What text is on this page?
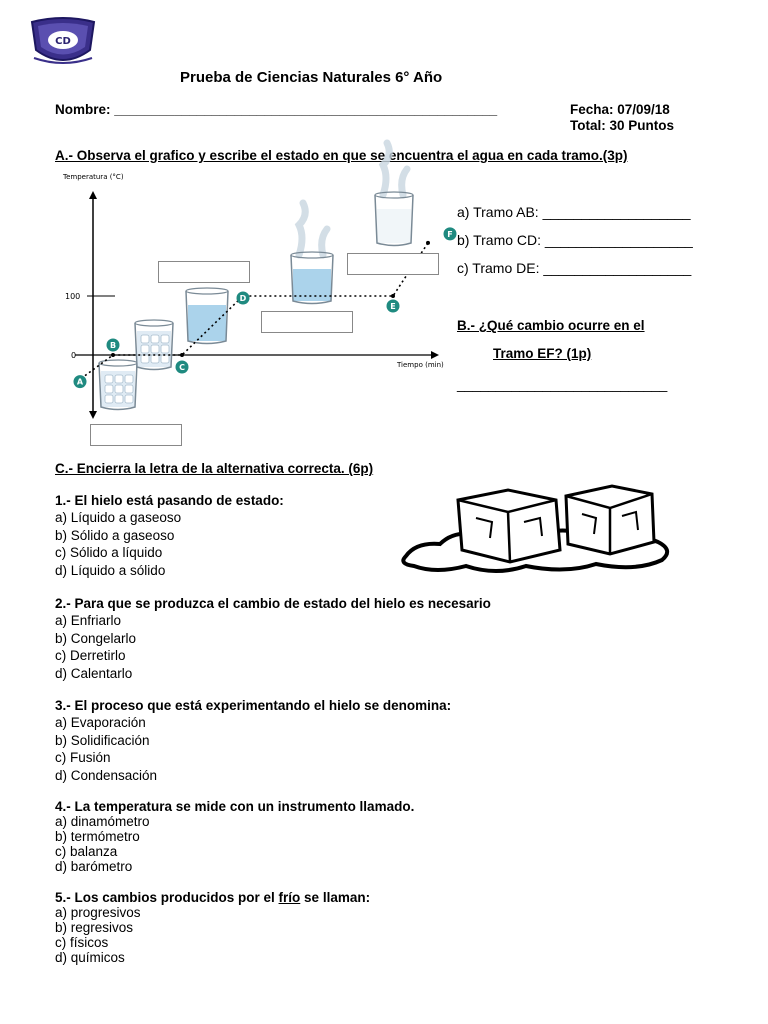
CD
Prueba de Ciencias Naturales 6° Año
Nombre: ___________________________________________________	Fecha: 07/09/18
Total: 30 Puntos
A.- Observa el grafico y escribe el estado en que se encuentra el agua en cada tramo.(3p)
Temperatura (°C)
Tiempo (min)
100
0
A
B
C
D
E
F
a) Tramo AB: ___________________
b) Tramo CD: ___________________
c) Tramo DE: ___________________
B.- ¿Qué cambio ocurre en el
Tramo EF? (1p)
___________________________
C.- Encierra la letra de la alternativa correcta. (6p)
1.- El hielo está pasando de estado:
a) Líquido a gaseoso
b) Sólido a gaseoso
c) Sólido a líquido
d) Líquido a sólido
2.- Para que se produzca el cambio de estado del hielo es necesario
a) Enfriarlo
b) Congelarlo
c) Derretirlo
d) Calentarlo
3.- El proceso que está experimentando el hielo se denomina:
a) Evaporación
b) Solidificación
c) Fusión
d) Condensación
4.- La temperatura se mide con un instrumento llamado.
a) dinamómetro
b) termómetro
c) balanza
d) barómetro
5.- Los cambios producidos por el frío se llaman:
a) progresivos
b) regresivos
c) físicos
d) químicos
